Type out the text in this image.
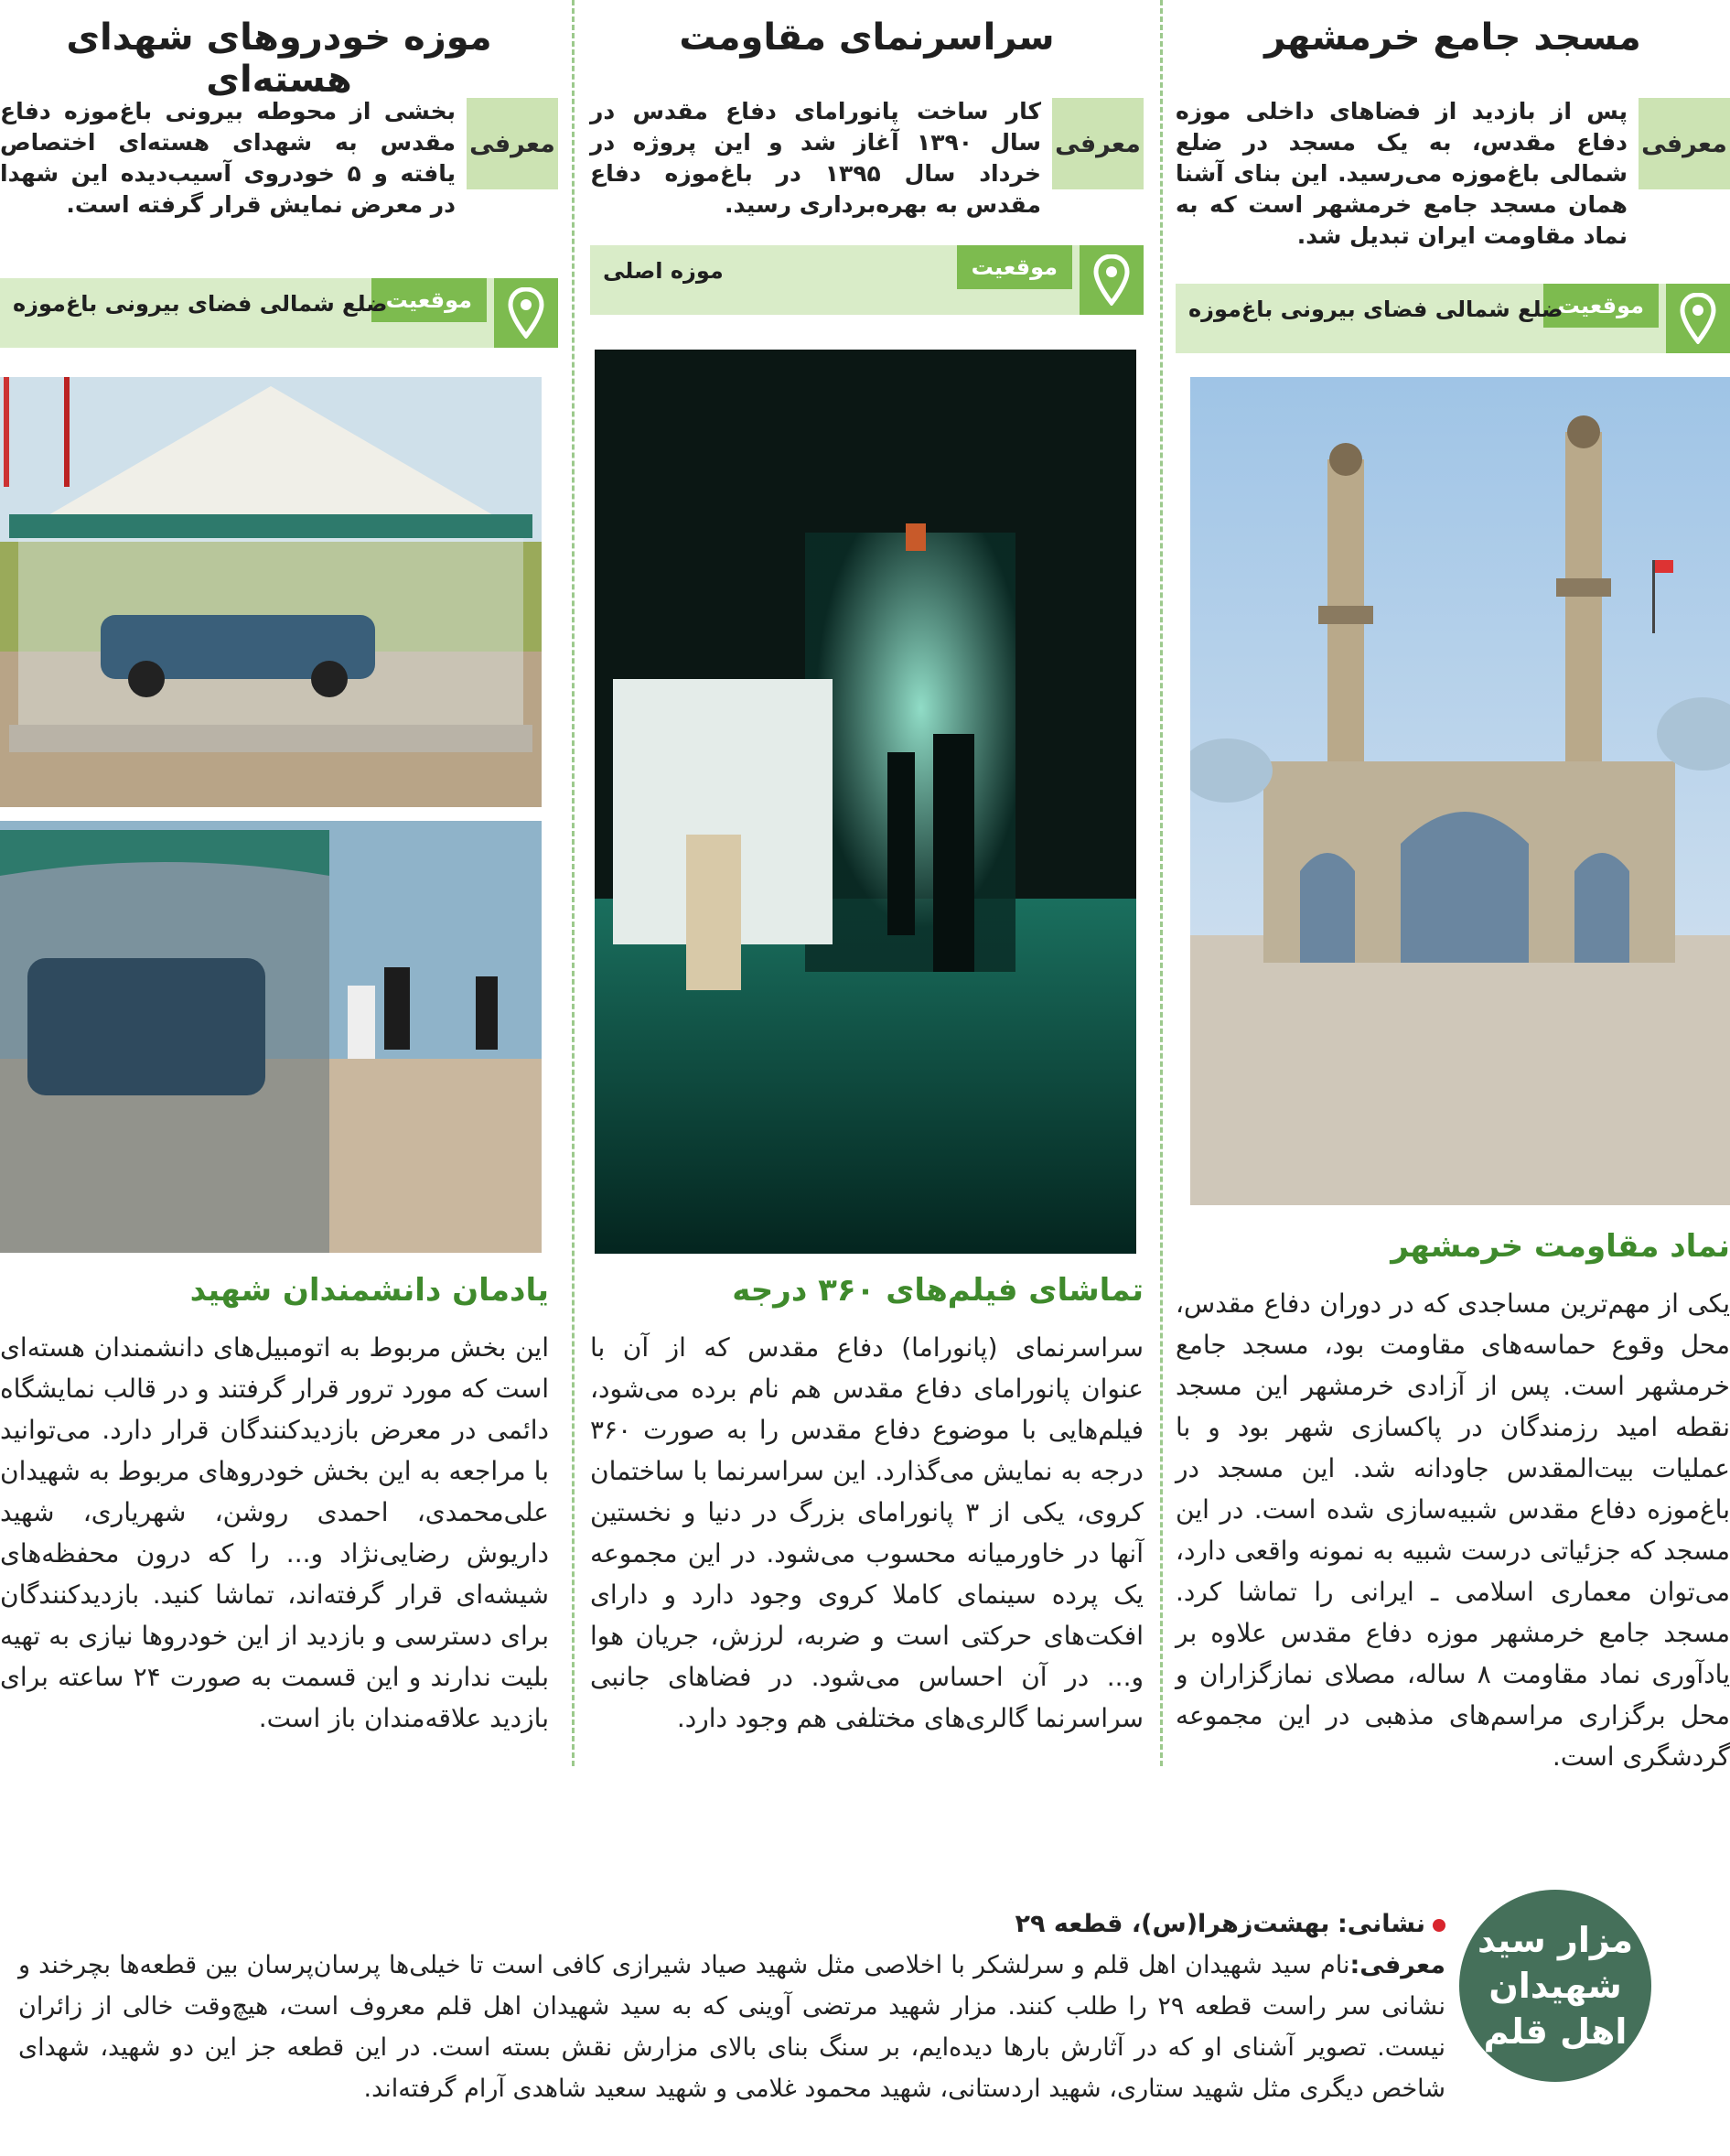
مسجد جامع خرمشهر
معرفی
پس از بازدید از فضاهای داخلی موزه دفاع مقدس، به یک مسجد در ضلع شمالی باغ‌موزه می‌رسید. این بنای آشنا همان مسجد جامع خرمشهر است که به نماد مقاومت ایران تبدیل شد.
موقعیت
ضلع شمالی فضای بیرونی باغ‌موزه
نماد مقاومت خرمشهر
یکی از مهم‌ترین مساجدی که در دوران دفاع مقدس، محل وقوع حماسه‌های مقاومت بود، مسجد جامع خرمشهر است. پس از آزادی خرمشهر این مسجد نقطه امید رزمندگان در پاکسازی شهر بود و با عملیات بیت‌المقدس جاودانه شد. این مسجد در باغ‌موزه دفاع مقدس شبیه‌سازی شده است. در این مسجد که جزئیاتی درست شبیه به نمونه واقعی دارد، می‌توان معماری اسلامی ـ ایرانی را تماشا کرد. مسجد جامع خرمشهر موزه دفاع مقدس علاوه بر یادآوری نماد مقاومت ۸ ساله، مصلای نمازگزاران و محل برگزاری مراسم‌های مذهبی در این مجموعه گردشگری است.
سراسرنمای مقاومت
معرفی
کار ساخت پانورامای دفاع مقدس در سال ۱۳۹۰ آغاز شد و این پروژه در خرداد سال ۱۳۹۵ در باغ‌موزه دفاع مقدس به بهره‌برداری رسید.
موقعیت
موزه اصلی
تماشای فیلم‌های ۳۶۰ درجه
سراسرنمای (پانوراما) دفاع مقدس که از آن با عنوان پانورامای دفاع مقدس هم نام برده می‌شود، فیلم‌هایی با موضوع دفاع مقدس را به صورت ۳۶۰ درجه به نمایش می‌گذارد. این سراسرنما با ساختمان کروی، یکی از ۳ پانورامای بزرگ در دنیا و نخستین آنها در خاورمیانه محسوب می‌شود. در این مجموعه یک پرده سینمای کاملا کروی وجود دارد و دارای افکت‌های حرکتی است و ضربه، لرزش، جریان هوا و... در آن احساس می‌شود. در فضاهای جانبی سراسرنما گالری‌های مختلفی هم وجود دارد.
موزه خودروهای شهدای هسته‌ای
معرفی
بخشی از محوطه بیرونی باغ‌موزه دفاع مقدس به شهدای هسته‌ای اختصاص یافته و ۵ خودروی آسیب‌دیده این شهدا در معرض نمایش قرار گرفته است.
موقعیت
ضلع شمالی فضای بیرونی باغ‌موزه
یادمان دانشمندان شهید
این بخش مربوط به اتومبیل‌های دانشمندان هسته‌ای است که مورد ترور قرار گرفتند و در قالب نمایشگاه دائمی در معرض بازدیدکنندگان قرار دارد. می‌توانید با مراجعه به این بخش خودروهای مربوط به شهیدان علی‌محمدی، احمدی روشن، شهریاری، شهید داریوش رضایی‌نژاد و... را که درون محفظه‌های شیشه‌ای قرار گرفته‌اند، تماشا کنید. بازدیدکنندگان برای دسترسی و بازدید از این خودروها نیازی به تهیه بلیت ندارند و این قسمت به صورت ۲۴ ساعته برای بازدید علاقه‌مندان باز است.
مزار سید
شهیدان
اهل قلم
نشانی: بهشت‌زهرا(س)، قطعه ۲۹
معرفی:نام سید شهیدان اهل قلم و سرلشکر با اخلاصی مثل شهید صیاد شیرازی کافی است تا خیلی‌ها پرسان‌پرسان بین قطعه‌ها بچرخند و نشانی سر راست قطعه ۲۹ را طلب کنند. مزار شهید مرتضی آوینی که به سید شهیدان اهل قلم معروف است، هیچ‌وقت خالی از زائران نیست. تصویر آشنای او که در آثارش بارها دیده‌ایم، بر سنگ بنای بالای مزارش نقش بسته است. در این قطعه جز این دو شهید، شهدای شاخص دیگری مثل شهید ستاری، شهید اردستانی، شهید محمود غلامی و شهید سعید شاهدی آرام گرفته‌اند.
